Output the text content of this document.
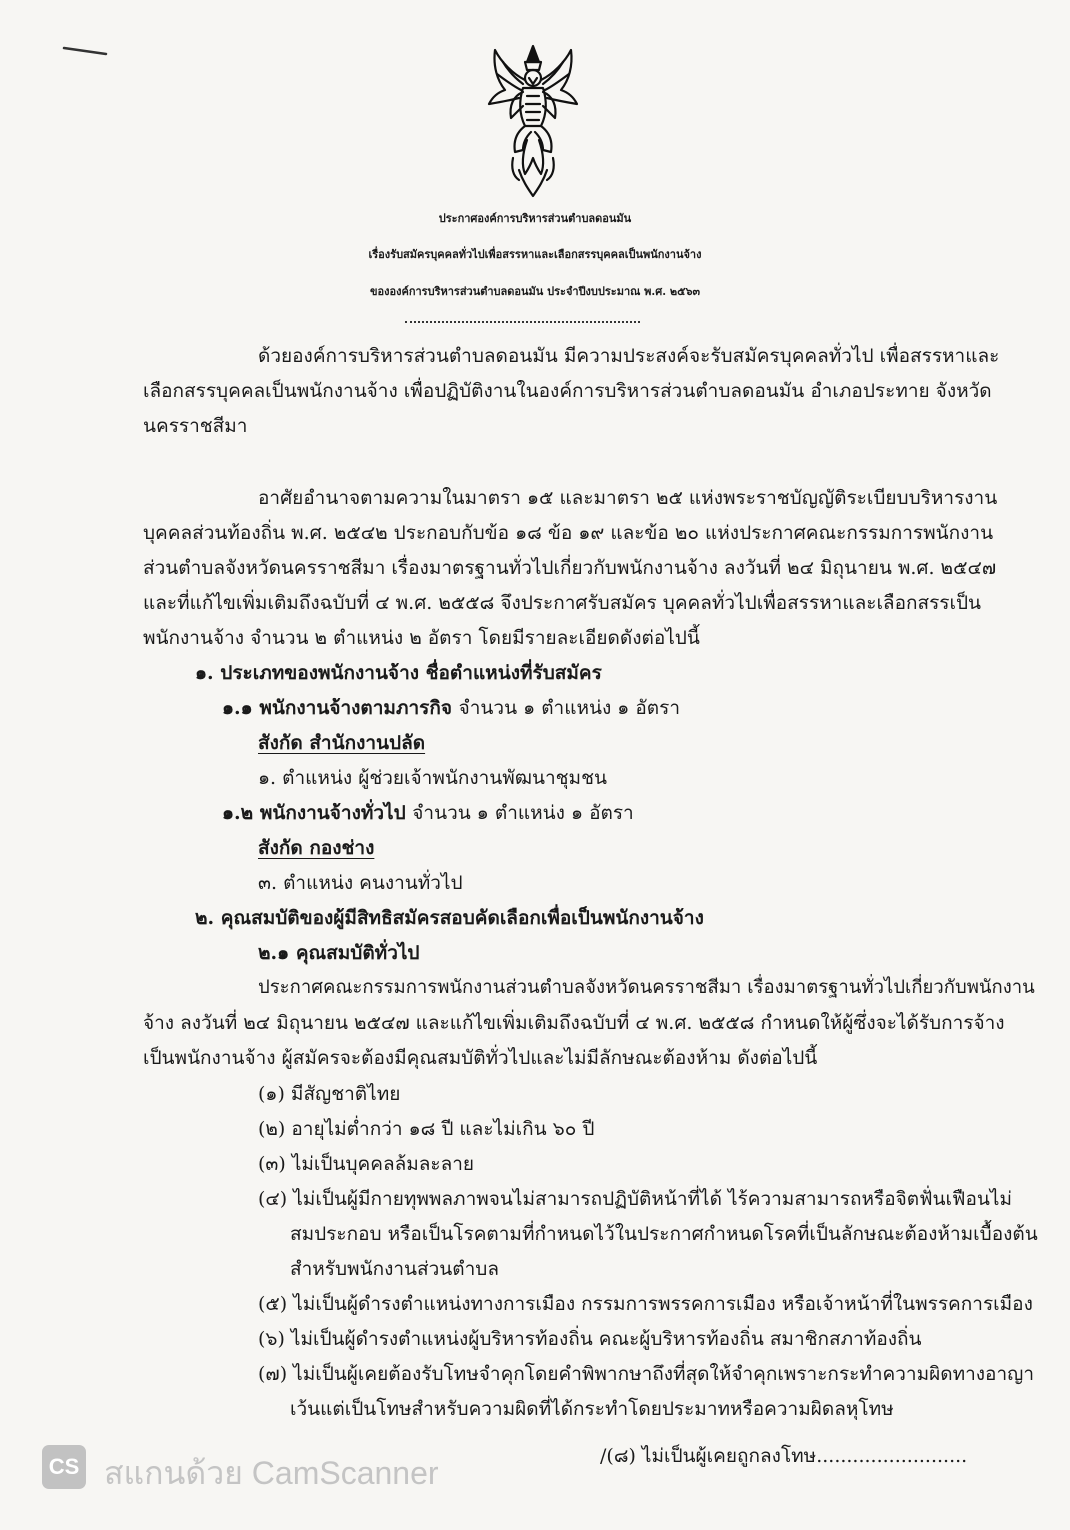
ประกาศองค์การบริหารส่วนตำบลดอนมัน
เรื่องรับสมัครบุคคลทั่วไปเพื่อสรรหาและเลือกสรรบุคคลเป็นพนักงานจ้าง
ขององค์การบริหารส่วนตำบลดอนมัน ประจำปีงบประมาณ พ.ศ. ๒๕๖๓
ด้วยองค์การบริหารส่วนตำบลดอนมัน มีความประสงค์จะรับสมัครบุคคลทั่วไป เพื่อสรรหาและ
เลือกสรรบุคคลเป็นพนักงานจ้าง เพื่อปฏิบัติงานในองค์การบริหารส่วนตำบลดอนมัน อำเภอประทาย จังหวัด
นครราชสีมา
อาศัยอำนาจตามความในมาตรา ๑๕ และมาตรา ๒๕ แห่งพระราชบัญญัติระเบียบบริหารงาน
บุคคลส่วนท้องถิ่น พ.ศ. ๒๕๔๒ ประกอบกับข้อ ๑๘ ข้อ ๑๙ และข้อ ๒๐ แห่งประกาศคณะกรรมการพนักงาน
ส่วนตำบลจังหวัดนครราชสีมา เรื่องมาตรฐานทั่วไปเกี่ยวกับพนักงานจ้าง ลงวันที่ ๒๔ มิถุนายน พ.ศ. ๒๕๔๗
และที่แก้ไขเพิ่มเติมถึงฉบับที่ ๔ พ.ศ. ๒๕๕๘ จึงประกาศรับสมัคร บุคคลทั่วไปเพื่อสรรหาและเลือกสรรเป็น
พนักงานจ้าง จำนวน ๒ ตำแหน่ง ๒ อัตรา โดยมีรายละเอียดดังต่อไปนี้
๑. ประเภทของพนักงานจ้าง ชื่อตำแหน่งที่รับสมัคร
๑.๑ พนักงานจ้างตามภารกิจ จำนวน ๑ ตำแหน่ง ๑ อัตรา
สังกัด สำนักงานปลัด
๑. ตำแหน่ง ผู้ช่วยเจ้าพนักงานพัฒนาชุมชน
๑.๒ พนักงานจ้างทั่วไป จำนวน ๑ ตำแหน่ง ๑ อัตรา
สังกัด กองช่าง
๓. ตำแหน่ง คนงานทั่วไป
๒. คุณสมบัติของผู้มีสิทธิสมัครสอบคัดเลือกเพื่อเป็นพนักงานจ้าง
๒.๑ คุณสมบัติทั่วไป
ประกาศคณะกรรมการพนักงานส่วนตำบลจังหวัดนครราชสีมา เรื่องมาตรฐานทั่วไปเกี่ยวกับพนักงาน
จ้าง ลงวันที่ ๒๔ มิถุนายน ๒๕๔๗ และแก้ไขเพิ่มเติมถึงฉบับที่ ๔ พ.ศ. ๒๕๕๘ กำหนดให้ผู้ซึ่งจะได้รับการจ้าง
เป็นพนักงานจ้าง ผู้สมัครจะต้องมีคุณสมบัติทั่วไปและไม่มีลักษณะต้องห้าม ดังต่อไปนี้
(๑) มีสัญชาติไทย
(๒) อายุไม่ต่ำกว่า ๑๘ ปี และไม่เกิน ๖๐ ปี
(๓) ไม่เป็นบุคคลล้มละลาย
(๔) ไม่เป็นผู้มีกายทุพพลภาพจนไม่สามารถปฏิบัติหน้าที่ได้ ไร้ความสามารถหรือจิตฟั่นเฟือนไม่
สมประกอบ หรือเป็นโรคตามที่กำหนดไว้ในประกาศกำหนดโรคที่เป็นลักษณะต้องห้ามเบื้องต้น
สำหรับพนักงานส่วนตำบล
(๕) ไม่เป็นผู้ดำรงตำแหน่งทางการเมือง กรรมการพรรคการเมือง หรือเจ้าหน้าที่ในพรรคการเมือง
(๖) ไม่เป็นผู้ดำรงตำแหน่งผู้บริหารท้องถิ่น คณะผู้บริหารท้องถิ่น สมาชิกสภาท้องถิ่น
(๗) ไม่เป็นผู้เคยต้องรับโทษจำคุกโดยคำพิพากษาถึงที่สุดให้จำคุกเพราะกระทำความผิดทางอาญา
เว้นแต่เป็นโทษสำหรับความผิดที่ได้กระทำโดยประมาทหรือความผิดลหุโทษ
/(๘) ไม่เป็นผู้เคยถูกลงโทษ.........................
CS สแกนด้วย CamScanner
